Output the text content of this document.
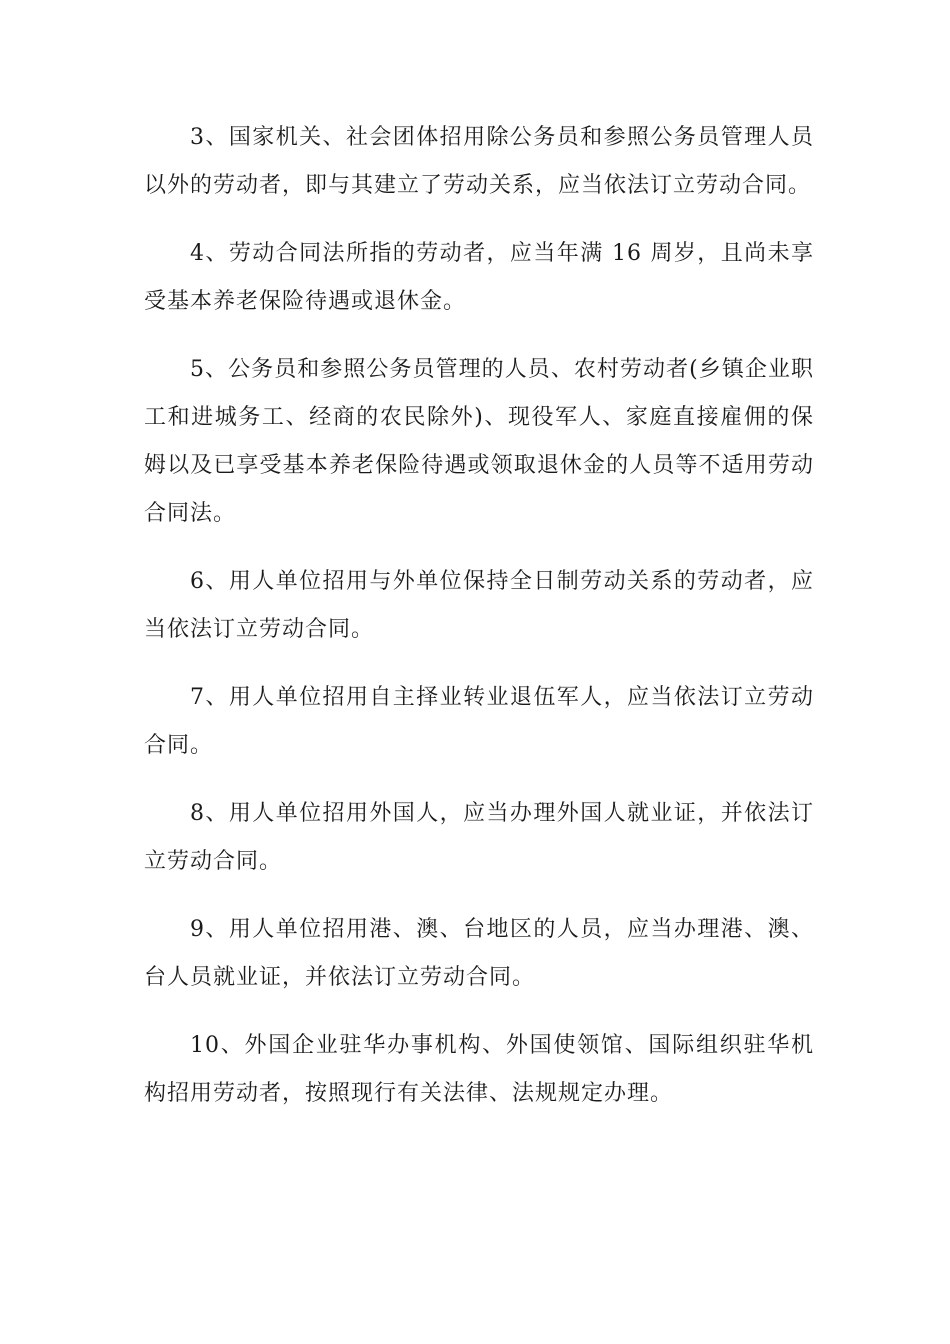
3、国家机关、社会团体招用除公务员和参照公务员管理人员以外的劳动者，即与其建立了劳动关系，应当依法订立劳动合同。

4、劳动合同法所指的劳动者，应当年满 16 周岁，且尚未享受基本养老保险待遇或退休金。

5、公务员和参照公务员管理的人员、农村劳动者(乡镇企业职工和进城务工、经商的农民除外)、现役军人、家庭直接雇佣的保姆以及已享受基本养老保险待遇或领取退休金的人员等不适用劳动合同法。

6、用人单位招用与外单位保持全日制劳动关系的劳动者，应当依法订立劳动合同。

7、用人单位招用自主择业转业退伍军人，应当依法订立劳动合同。

8、用人单位招用外国人，应当办理外国人就业证，并依法订立劳动合同。

9、用人单位招用港、澳、台地区的人员，应当办理港、澳、台人员就业证，并依法订立劳动合同。

10、外国企业驻华办事机构、外国使领馆、国际组织驻华机构招用劳动者，按照现行有关法律、法规规定办理。
